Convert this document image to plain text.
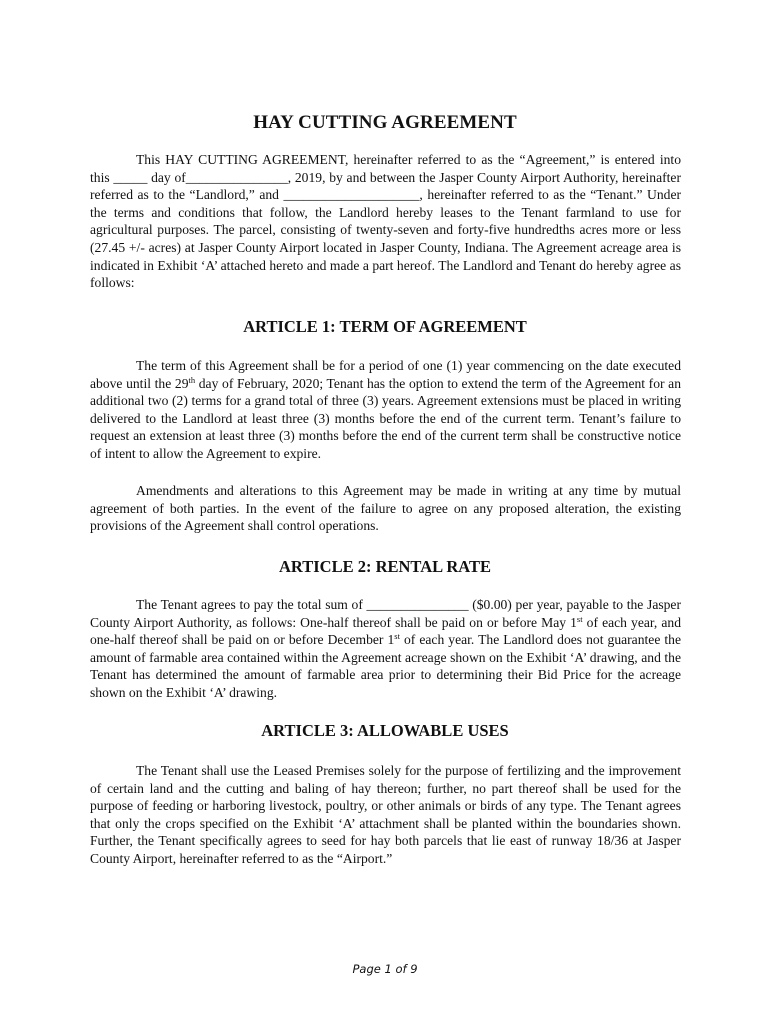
HAY CUTTING AGREEMENT

This HAY CUTTING AGREEMENT, hereinafter referred to as the “Agreement,” is entered into this _____ day of_______________, 2019, by and between the Jasper County Airport Authority, hereinafter referred as to the “Landlord,” and ____________________, hereinafter referred to as the “Tenant.” Under the terms and conditions that follow, the Landlord hereby leases to the Tenant farmland to use for agricultural purposes. The parcel, consisting of twenty-seven and forty-five hundredths acres more or less (27.45 +/- acres) at Jasper County Airport located in Jasper County, Indiana. The Agreement acreage area is indicated in Exhibit ‘A’ attached hereto and made a part hereof. The Landlord and Tenant do hereby agree as follows:

ARTICLE 1: TERM OF AGREEMENT

The term of this Agreement shall be for a period of one (1) year commencing on the date executed above until the 29th day of February, 2020; Tenant has the option to extend the term of the Agreement for an additional two (2) terms for a grand total of three (3) years. Agreement extensions must be placed in writing delivered to the Landlord at least three (3) months before the end of the current term. Tenant’s failure to request an extension at least three (3) months before the end of the current term shall be constructive notice of intent to allow the Agreement to expire.

Amendments and alterations to this Agreement may be made in writing at any time by mutual agreement of both parties. In the event of the failure to agree on any proposed alteration, the existing provisions of the Agreement shall control operations.

ARTICLE 2: RENTAL RATE

The Tenant agrees to pay the total sum of _______________ ($0.00) per year, payable to the Jasper County Airport Authority, as follows: One-half thereof shall be paid on or before May 1st of each year, and one-half thereof shall be paid on or before December 1st of each year. The Landlord does not guarantee the amount of farmable area contained within the Agreement acreage shown on the Exhibit ‘A’ drawing, and the Tenant has determined the amount of farmable area prior to determining their Bid Price for the acreage shown on the Exhibit ‘A’ drawing.

ARTICLE 3: ALLOWABLE USES

The Tenant shall use the Leased Premises solely for the purpose of fertilizing and the improvement of certain land and the cutting and baling of hay thereon; further, no part thereof shall be used for the purpose of feeding or harboring livestock, poultry, or other animals or birds of any type. The Tenant agrees that only the crops specified on the Exhibit ‘A’ attachment shall be planted within the boundaries shown. Further, the Tenant specifically agrees to seed for hay both parcels that lie east of runway 18/36 at Jasper County Airport, hereinafter referred to as the “Airport.”

Page 1 of 9
